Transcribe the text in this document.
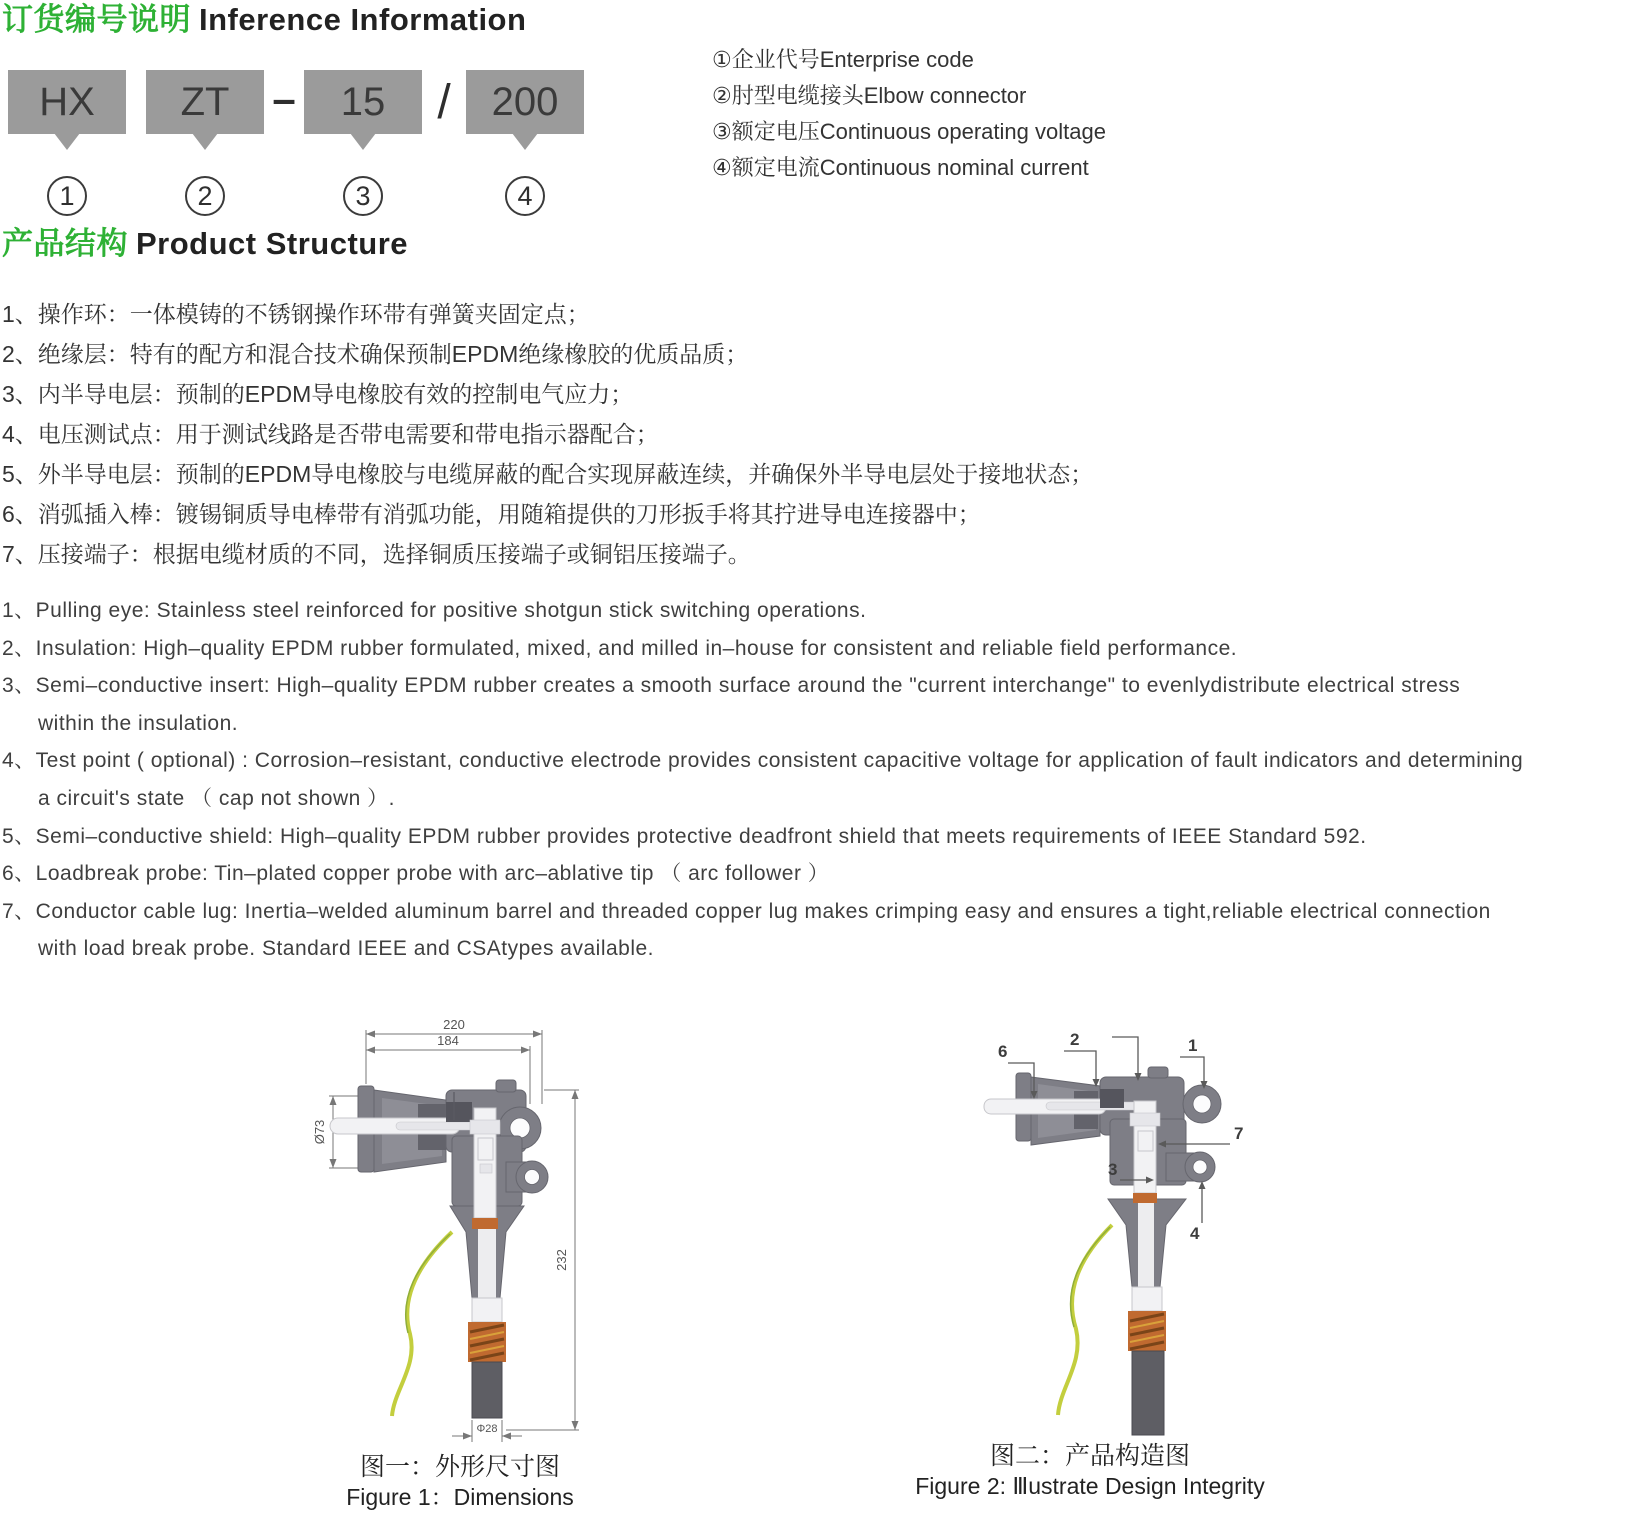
订货编号说明 Inference Information
HX ZT – 15	/	200
1	2	3	4
①企业代号Enterprise code
②肘型电缆接头Elbow connector
③额定电压Continuous operating voltage
④额定电流Continuous nominal current
产品结构 Product Structure
1、操作环：一体模铸的不锈钢操作环带有弹簧夹固定点；
2、绝缘层：特有的配方和混合技术确保预制EPDM绝缘橡胶的优质品质；
3、内半导电层：预制的EPDM导电橡胶有效的控制电气应力；
4、电压测试点：用于测试线路是否带电需要和带电指示器配合；
5、外半导电层：预制的EPDM导电橡胶与电缆屏蔽的配合实现屏蔽连续，并确保外半导电层处于接地状态；
6、消弧插入棒：镀锡铜质导电棒带有消弧功能，用随箱提供的刀形扳手将其拧进导电连接器中；
7、压接端子：根据电缆材质的不同，选择铜质压接端子或铜铝压接端子。
1、Pulling eye: Stainless steel reinforced for positive shotgun stick switching operations.
2、Insulation: High–quality EPDM rubber formulated, mixed, and milled in–house for consistent and reliable field performance.
3、Semi–conductive insert: High–quality EPDM rubber creates a smooth surface around the "current interchange" to evenlydistribute electrical stress
within the insulation.
4、Test point ( optional) : Corrosion–resistant, conductive electrode provides consistent capacitive voltage for application of fault indicators and determining
a circuit's state （ cap not shown ）.
5、Semi–conductive shield: High–quality EPDM rubber provides protective deadfront shield that meets requirements of IEEE Standard 592.
6、Loadbreak probe: Tin–plated copper probe with arc–ablative tip （ arc follower ）
7、Conductor cable lug: Inertia–welded aluminum barrel and threaded copper lug makes crimping easy and ensures a tight,reliable electrical connection
with load break probe. Standard IEEE and CSAtypes available.
220
184
Ø73
232
Φ28
图一：外形尺寸图
Figure 1：Dimensions
6
2	1
7
3
4
图二：产品构造图
Figure 2: Ⅲustrate Design Integrity
